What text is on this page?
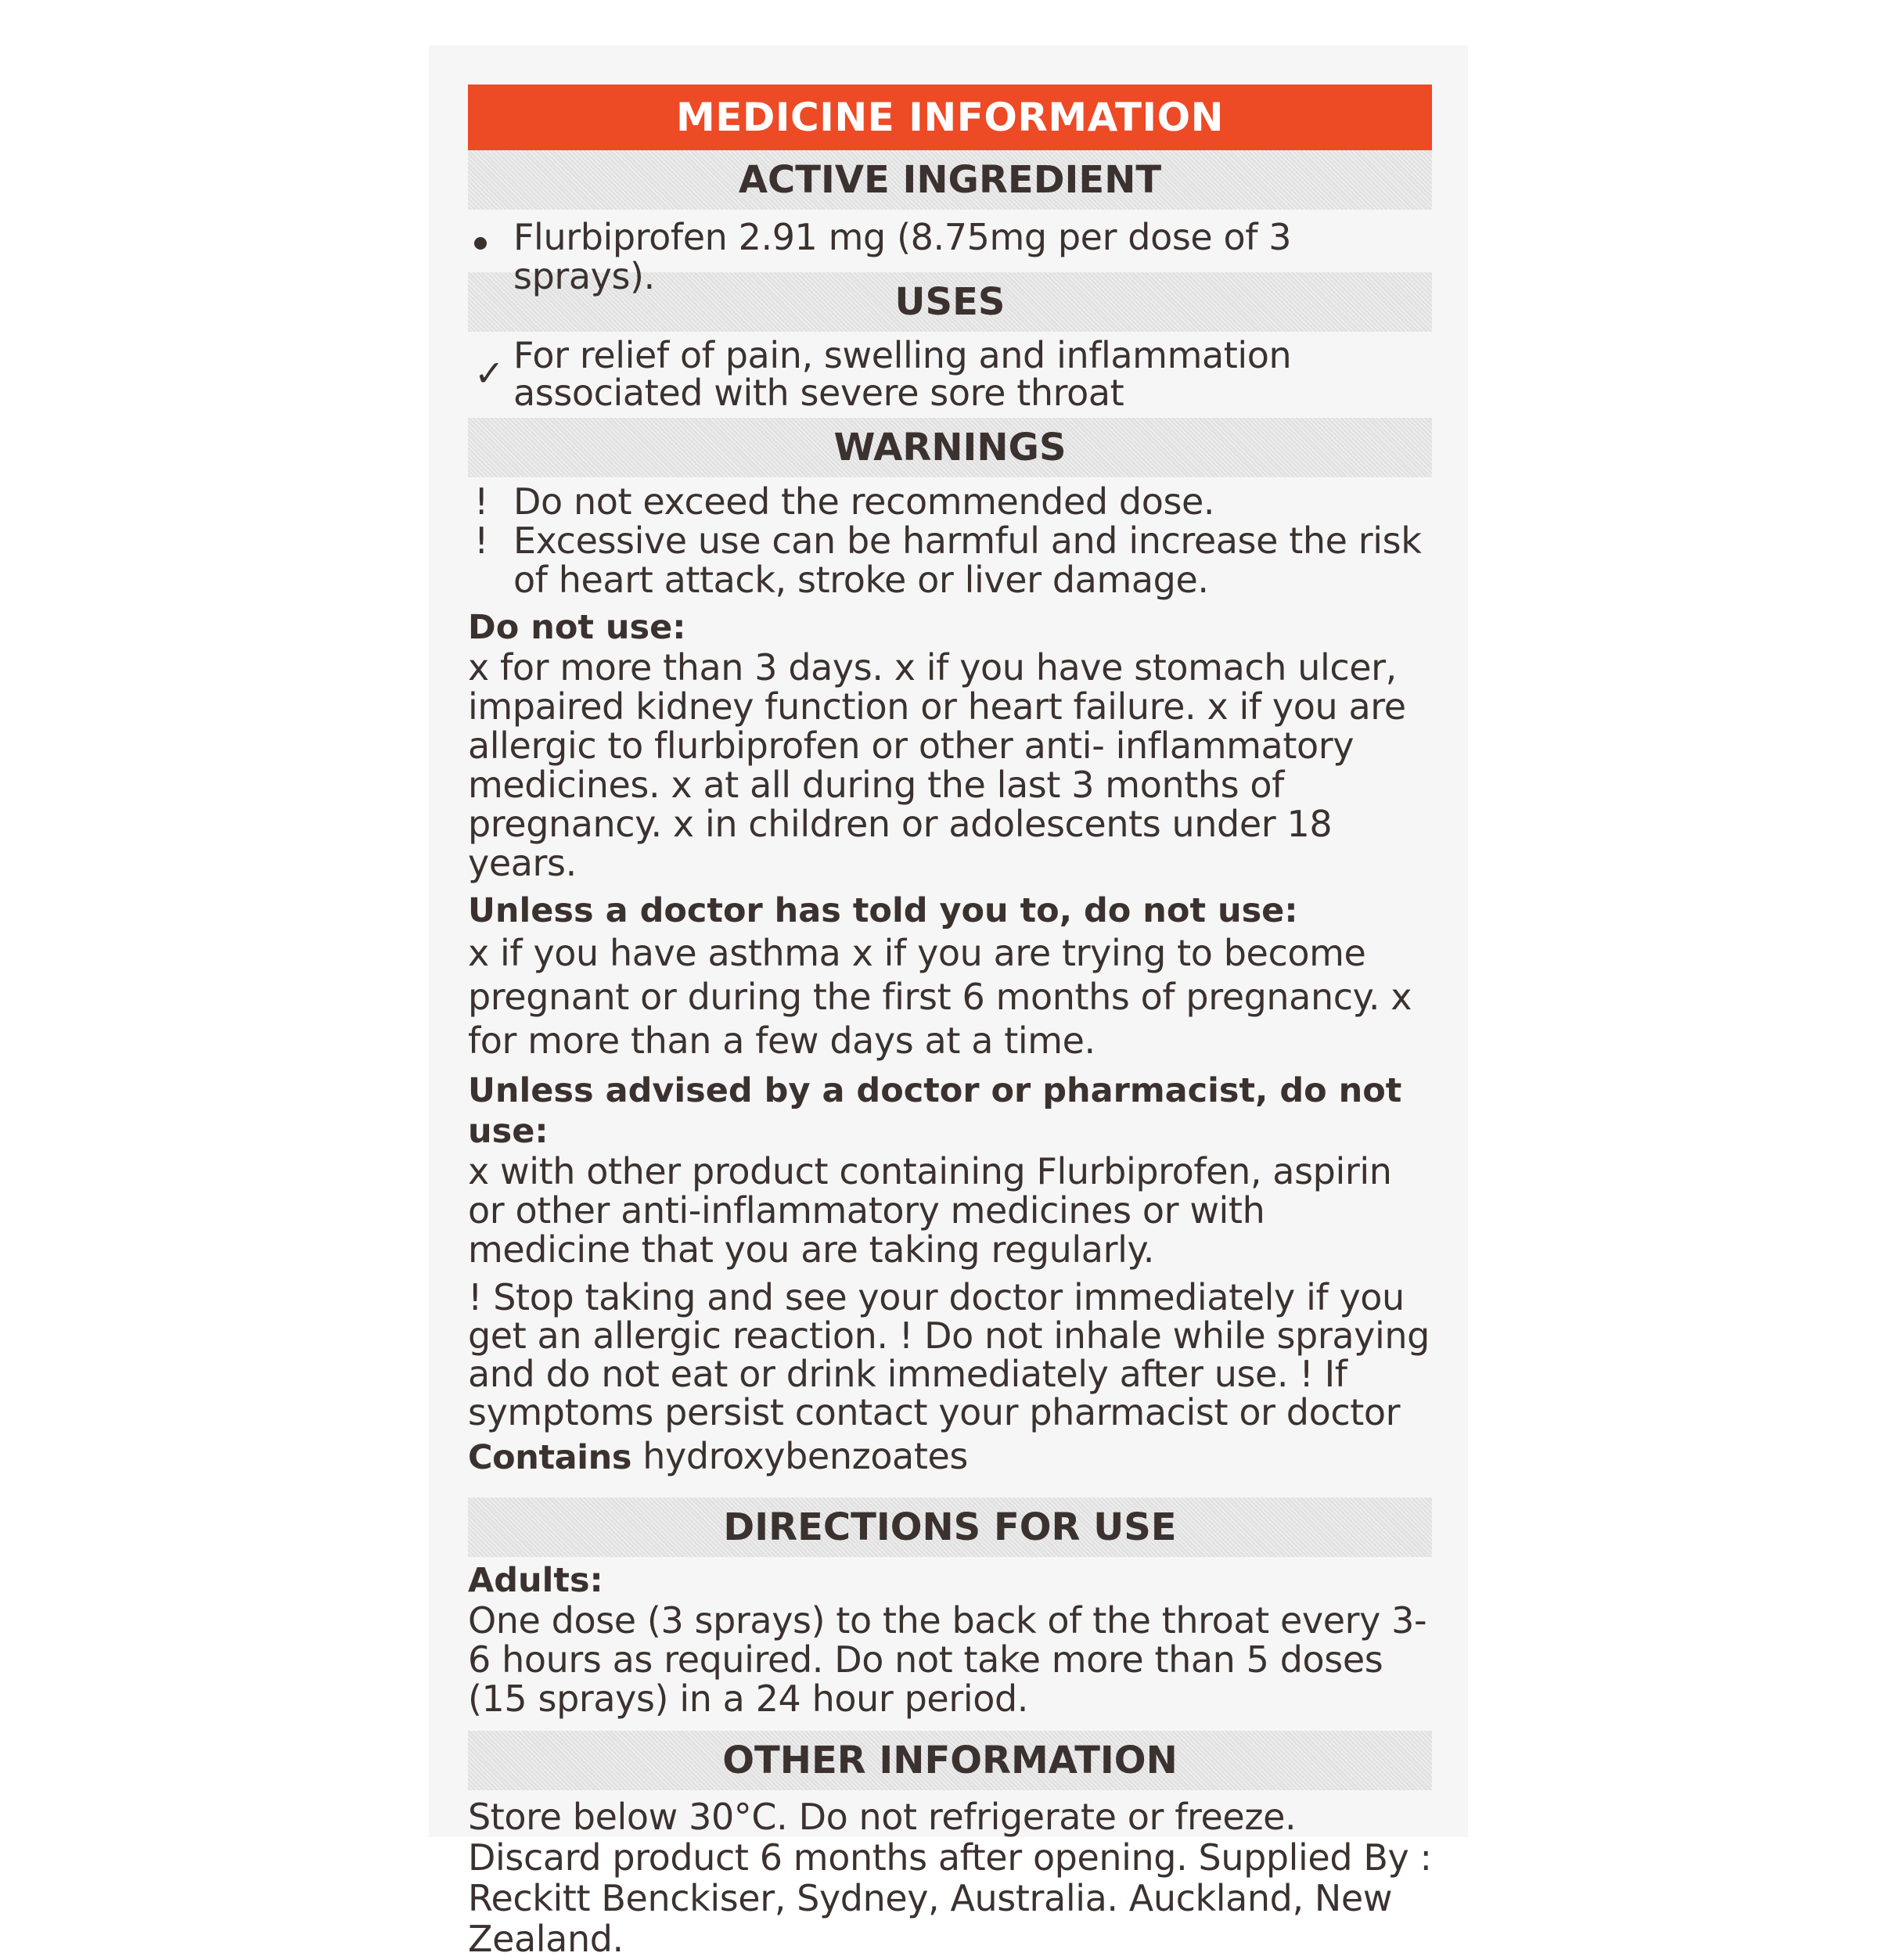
MEDICINE INFORMATION
ACTIVE INGREDIENT
Flurbiprofen 2.91 mg (8.75mg per dose of 3 sprays).
USES
✓ For relief of pain, swelling and inflammation associated with severe sore throat
WARNINGS
! Do not exceed the recommended dose.
! Excessive use can be harmful and increase the risk of heart attack, stroke or liver damage.
Do not use:
x for more than 3 days. x if you have stomach ulcer, impaired kidney function or heart failure. x if you are allergic to flurbiprofen or other anti- inflammatory medicines. x at all during the last 3 months of pregnancy. x in children or adolescents under 18 years.
Unless a doctor has told you to, do not use:
x if you have asthma x if you are trying to become pregnant or during the first 6 months of pregnancy. x for more than a few days at a time.
Unless advised by a doctor or pharmacist, do not use:
x with other product containing Flurbiprofen, aspirin or other anti-inflammatory medicines or with medicine that you are taking regularly.
! Stop taking and see your doctor immediately if you get an allergic reaction. ! Do not inhale while spraying and do not eat or drink immediately after use. ! If symptoms persist contact your pharmacist or doctor
Contains hydroxybenzoates
DIRECTIONS FOR USE
Adults:
One dose (3 sprays) to the back of the throat every 3-6 hours as required. Do not take more than 5 doses (15 sprays) in a 24 hour period.
OTHER INFORMATION
Store below 30°C. Do not refrigerate or freeze. Discard product 6 months after opening. Supplied By : Reckitt Benckiser, Sydney, Australia. Auckland, New Zealand.
